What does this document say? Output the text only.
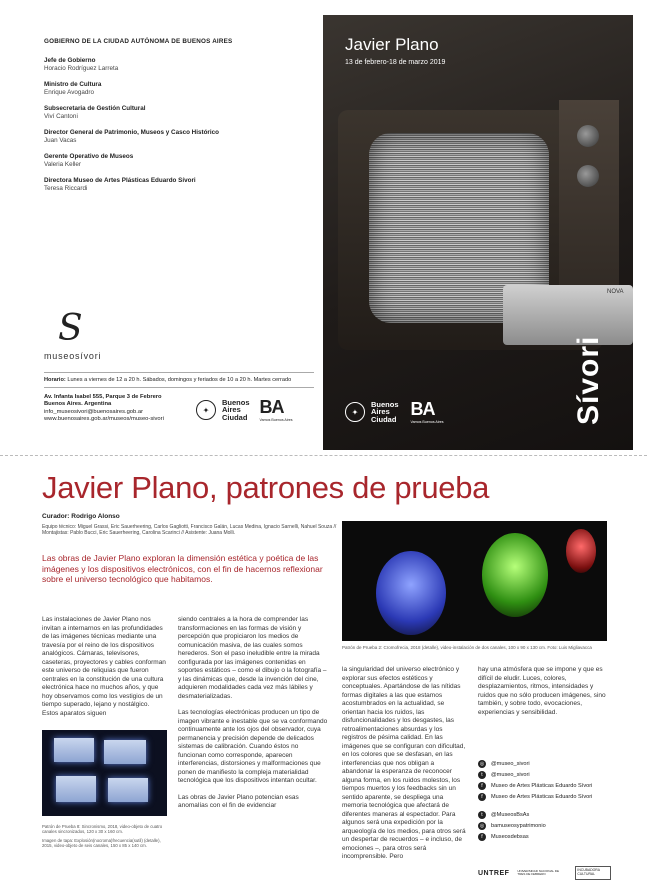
GOBIERNO DE LA CIUDAD AUTÓNOMA DE BUENOS AIRES
Jefe de Gobierno
Horacio Rodríguez Larreta
Ministro de Cultura
Enrique Avogadro
Subsecretaria de Gestión Cultural
Viví Cantoni
Director General de Patrimonio, Museos y Casco Histórico
Juan Vacas
Gerente Operativo de Museos
Valeria Keller
Directora Museo de Artes Plásticas Eduardo Sívori
Teresa Riccardi
S
museosívori
Horario: Lunes a viernes de 12 a 20 h. Sábados, domingos y feriados de 10 a 20 h. Martes cerrado
Av. Infanta Isabel 555, Parque 3 de Febrero
Buenos Aires. Argentina
info_museosivori@buenosaires.gob.ar
www.buenosaires.gob.ar/museos/museo-sivori
✦
Buenos
Aires
Ciudad
BA
Vamos Buenos Aires
NOVA
Javier Plano
13 de febrero-18 de marzo 2019
Sívori
✦
Buenos
Aires
Ciudad
BA
Vamos Buenos Aires
Javier Plano, patrones de prueba
Curador: Rodrigo Alonso
Equipo técnico: Miguel Grassi, Eric Sauerheering, Carlos Gagliotti, Francisco Galán, Lucas Medina, Ignacio Sarnelli, Nahuel Souza // Montajistas: Pablo Bucci, Eric Sauerheering, Carolina Scarinci // Asistente: Juana Molli.
Las obras de Javier Plano exploran la dimensión estética y poética de las imágenes y los dispositivos electrónicos, con el fin de hacernos reflexionar sobre el universo tecnológico que habitamos.

Las instalaciones de Javier Plano nos invitan a internarnos en las profundidades de las imágenes técnicas mediante una travesía por el reino de los dispositivos analógicos. Cámaras, televisores, caseteras, proyectores y cables conforman este universo de reliquias que fueron centrales en la constitución de una cultura electrónica hace no muchos años, y que hoy observamos como los vestigios de un tiempo superado, lejano y nostálgico. Estos aparatos siguen

siendo centrales a la hora de comprender las transformaciones en las formas de visión y percepción que propiciaron los medios de comunicación masiva, de las cuales somos herederos. Son el paso ineludible entre la mirada configurada por las imágenes contenidas en soportes estáticos – como el dibujo o la fotografía – y las dinámicas que, desde la invención del cine, adquieren modalidades cada vez más lábiles y desmaterializadas.

Las tecnologías electrónicas producen un tipo de imagen vibrante e inestable que se va conformando continuamente ante los ojos del observador, cuya permanencia y precisión depende de delicados sistemas de calibración. Cuando éstos no funcionan como corresponde, aparecen interferencias, distorsiones y malformaciones que ponen de manifiesto la compleja materialidad tecnológica que los dispositivos intentan ocultar.

Las obras de Javier Plano potencian esas anomalías con el fin de evidenciar

la singularidad del universo electrónico y explorar sus efectos estéticos y conceptuales. Apartándose de las nítidas formas digitales a las que estamos acostumbrados en la actualidad, se orientan hacia los ruidos, las disfuncionalidades y los desgastes, las retroalimentaciones absurdas y los registros de pésima calidad. En las imágenes que se configuran con dificultad, en los colores que se desfasan, en las interferencias que nos obligan a abandonar la esperanza de reconocer alguna forma, en los ruidos molestos, los tiempos muertos y los feedbacks sin un sentido aparente, se despliega una memoria tecnológica que afectará de diferentes maneras al espectador. Para algunos será una expedición por la arqueología de los medios, para otros será un despertar de recuerdos – e incluso, de emociones –, para otros será incomprensible. Pero

hay una atmósfera que se impone y que es difícil de eludir. Luces, colores, desplazamientos, ritmos, intensidades y ruidos que no sólo producen imágenes, sino también, y sobre todo, evocaciones, experiencias y sensibilidad.

Patrón de Prueba 2: Cromofrecia, 2018 (detalle), video-instalación de dos canales, 100 x 90 x 130 cm. Foto: Luis Migliavacca
Patrón de Prueba 8: Sincronismo, 2018, video-objeto de cuatro canales sincronizados, 120 x 30 x 160 cm.
Imagen de tapa: Explosión(nocroma)frecuencia(sutil) (detalle), 2015, video-objeto de seis canales, 150 x 85 x 140 cm.
◎	@museo_sivori
t	@museo_sivori
f	Museo de Artes Plásticas Eduardo Sívori
f	Museo de Artes Plásticas Eduardo Sívori
t	@MuseosBsAs
◎	bamuseosypatrimonio
f	Museosdebsas
UNTREF	UNIVERSIDAD NACIONAL DE TRES DE FEBRERO
INCUBADORA CULTURAL
